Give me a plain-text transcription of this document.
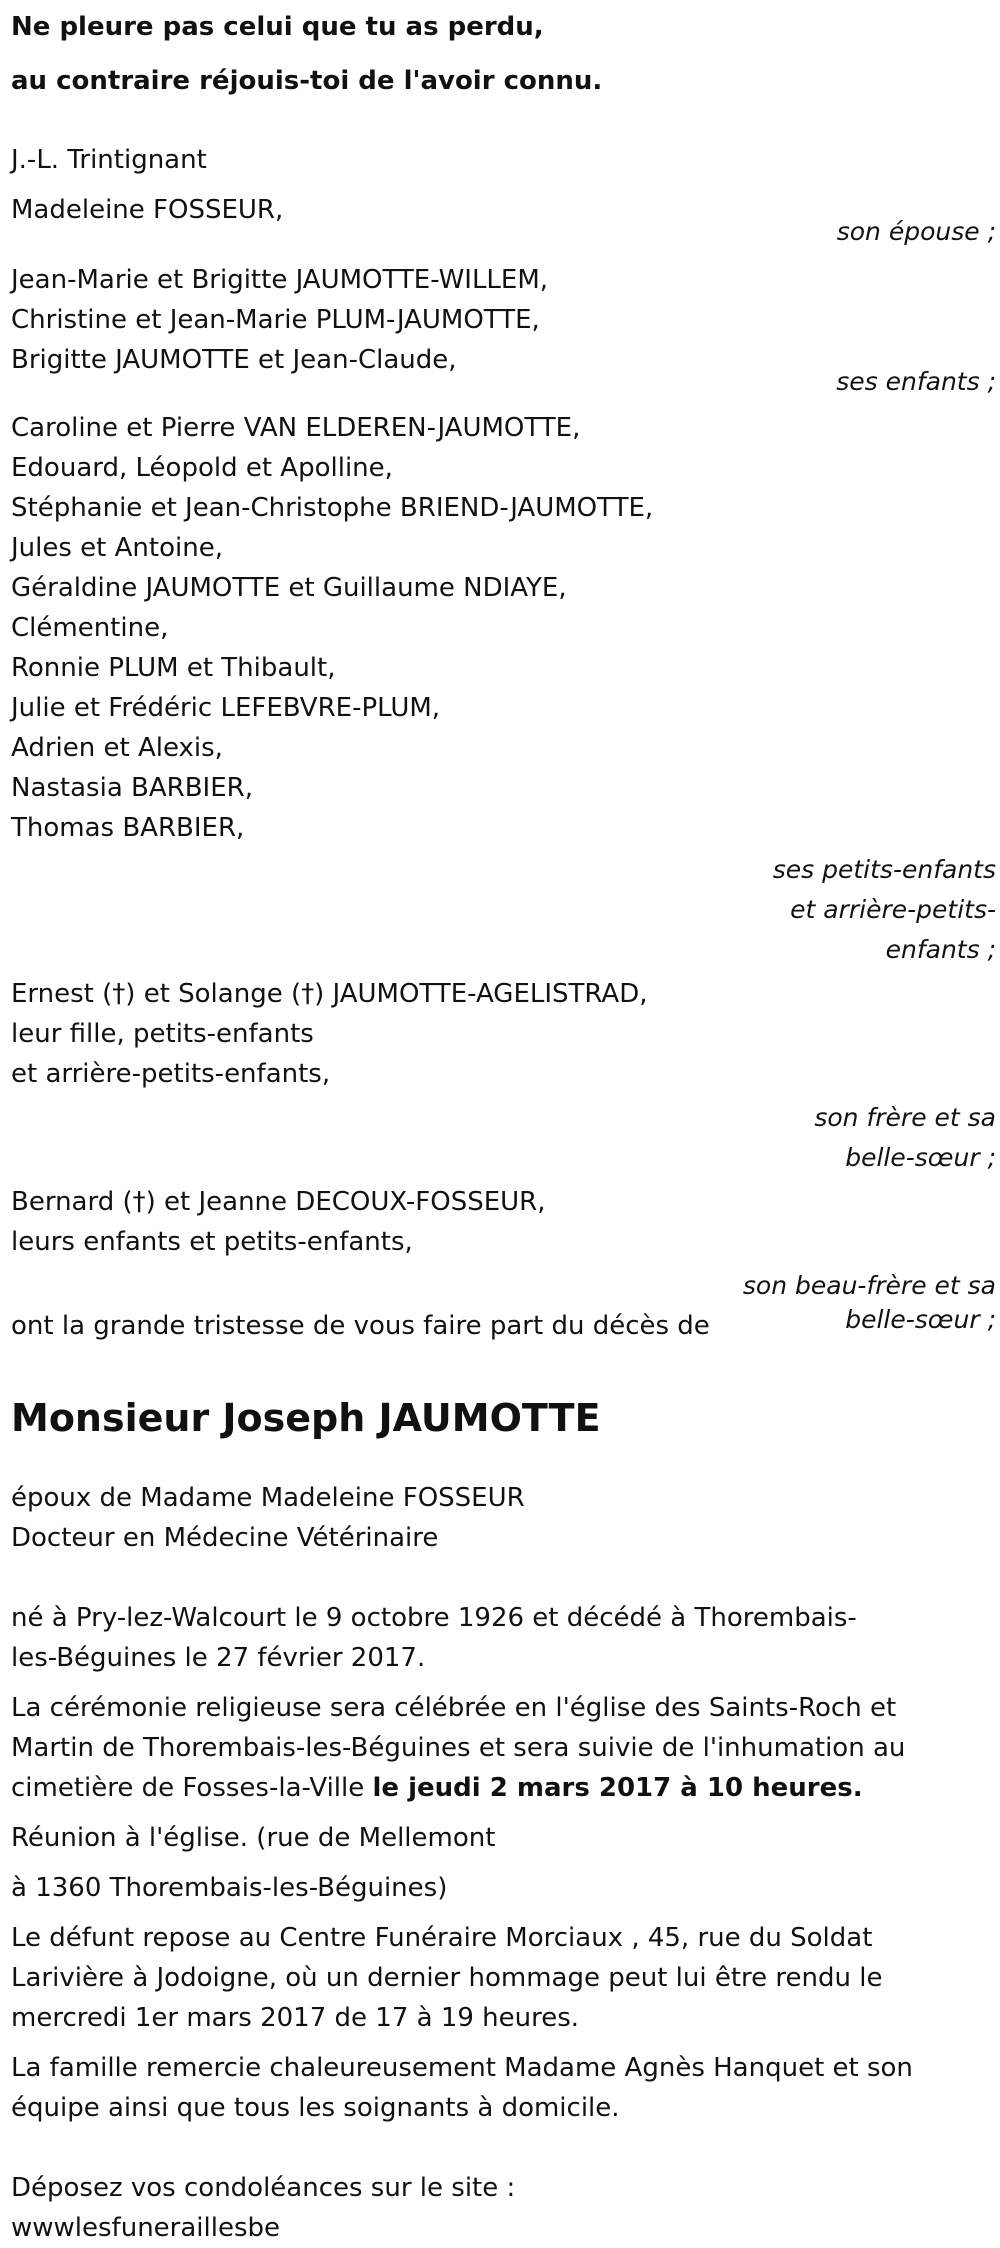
Ne pleure pas celui que tu as perdu,
au contraire réjouis-toi de l'avoir connu.
J.-L. Trintignant
Madeleine FOSSEUR,
son épouse ;
Jean-Marie et Brigitte JAUMOTTE-WILLEM,
Christine et Jean-Marie PLUM-JAUMOTTE,
Brigitte JAUMOTTE et Jean-Claude,
ses enfants ;
Caroline et Pierre VAN ELDEREN-JAUMOTTE,
Edouard, Léopold et Apolline,
Stéphanie et Jean-Christophe BRIEND-JAUMOTTE,
Jules et Antoine,
Géraldine JAUMOTTE et Guillaume NDIAYE,
Clémentine,
Ronnie PLUM et Thibault,
Julie et Frédéric LEFEBVRE-PLUM,
Adrien et Alexis,
Nastasia BARBIER,
Thomas BARBIER,
ses petits-enfants
et arrière-petits-
enfants ;
Ernest (†) et Solange (†) JAUMOTTE-AGELISTRAD,
leur fille, petits-enfants
et arrière-petits-enfants,
son frère et sa
belle-sœur ;
Bernard (†) et Jeanne DECOUX-FOSSEUR,
leurs enfants et petits-enfants,
son beau-frère et sa
ont la grande tristesse de vous faire part du décès de	belle-sœur ;
Monsieur Joseph JAUMOTTE
époux de Madame Madeleine FOSSEUR
Docteur en Médecine Vétérinaire
né à Pry-lez-Walcourt le 9 octobre 1926 et décédé à Thorembais-
les-Béguines le 27 février 2017.
La cérémonie religieuse sera célébrée en l'église des Saints-Roch et
Martin de Thorembais-les-Béguines et sera suivie de l'inhumation au
cimetière de Fosses-la-Ville le jeudi 2 mars 2017 à 10 heures.
Réunion à l'église. (rue de Mellemont
à 1360 Thorembais-les-Béguines)
Le défunt repose au Centre Funéraire Morciaux , 45, rue du Soldat
Larivière à Jodoigne, où un dernier hommage peut lui être rendu le
mercredi 1er mars 2017 de 17 à 19 heures.
La famille remercie chaleureusement Madame Agnès Hanquet et son
équipe ainsi que tous les soignants à domicile.
Déposez vos condoléances sur le site :
wwwlesfuneraillesbe
